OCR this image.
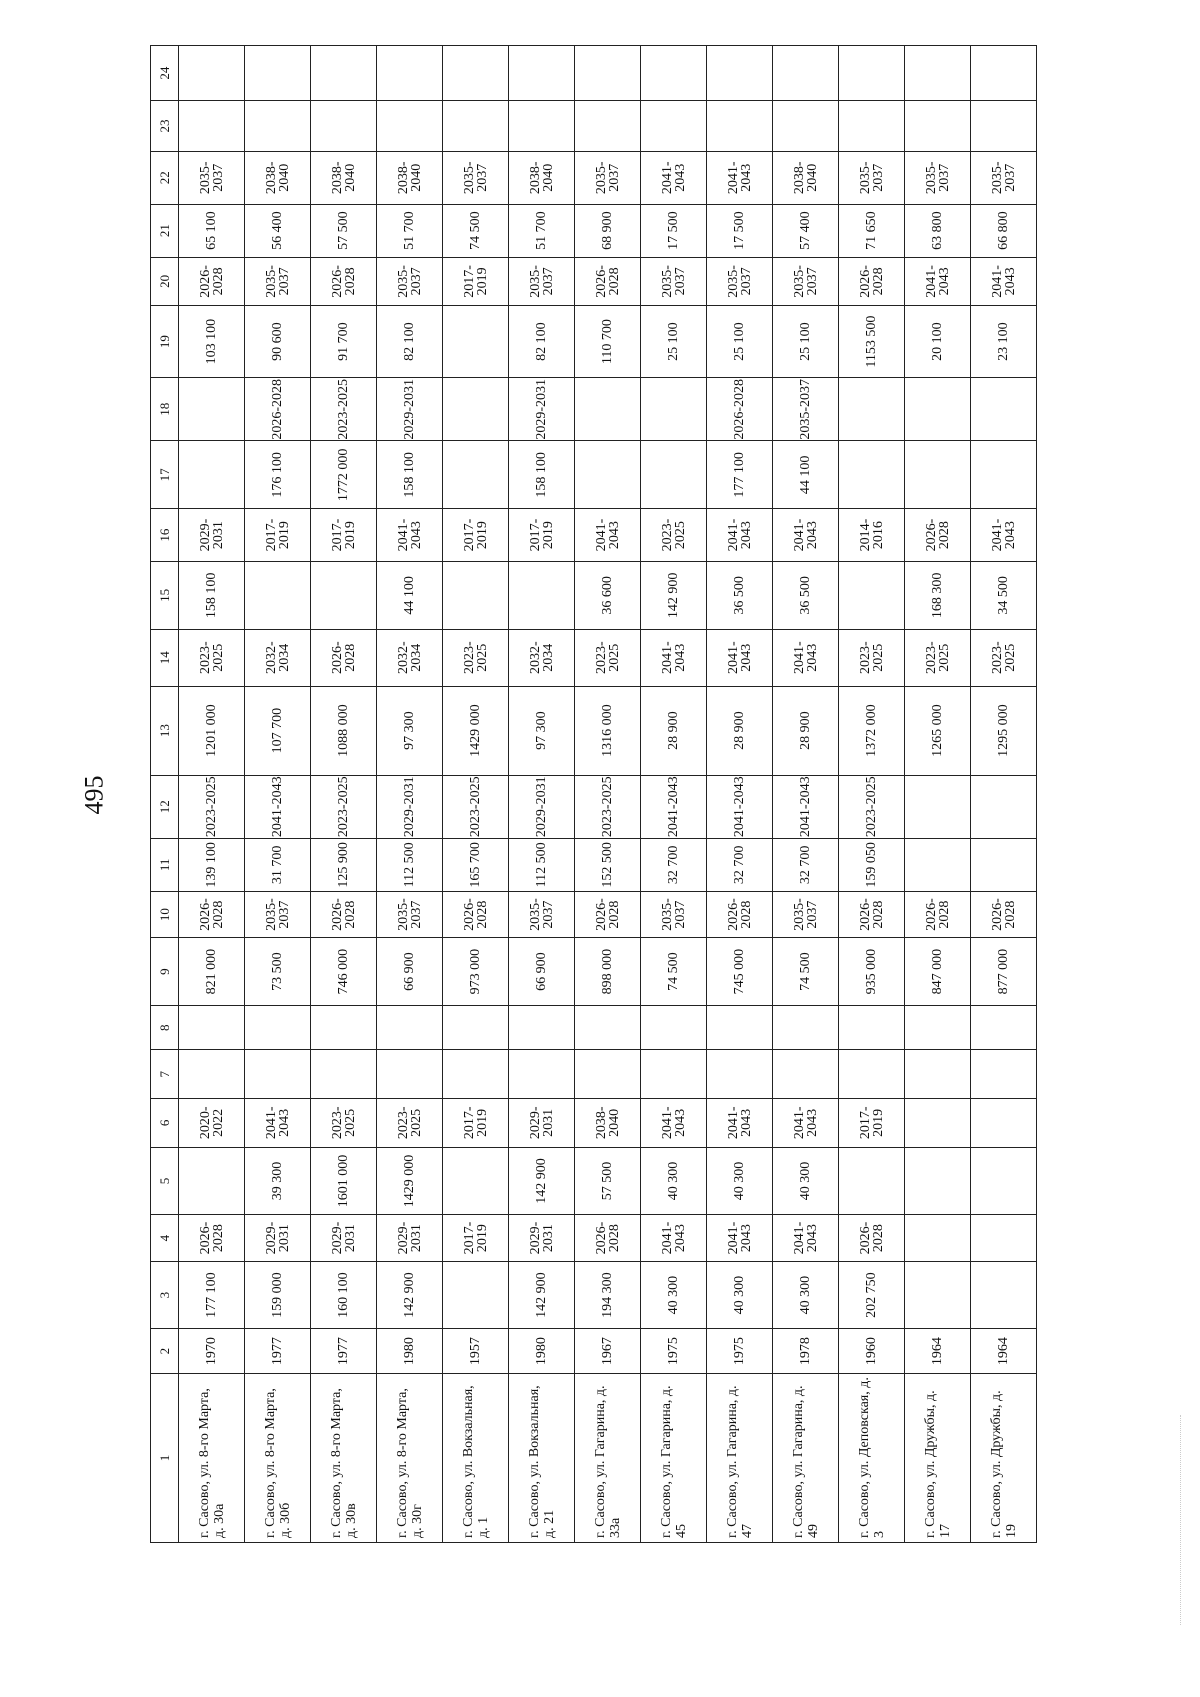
495
1	2	3	4	5	6	7	8	9	10	11	12	13	14	15	16	17	18	19	20	21	22	23	24
г. Сасово, ул. 8-го Марта, д. 30а	1970	177 100	2026-2028		2020-2022			821 000	2026-2028	139 100	2023-2025	1201 000	2023-2025	158 100	2029-2031			103 100	2026-2028	65 100	2035-2037		
г. Сасово, ул. 8-го Марта, д. 30б	1977	159 000	2029-2031	39 300	2041-2043			73 500	2035-2037	31 700	2041-2043	107 700	2032-2034		2017-2019	176 100	2026-2028	90 600	2035-2037	56 400	2038-2040		
г. Сасово, ул. 8-го Марта, д. 30в	1977	160 100	2029-2031	1601 000	2023-2025			746 000	2026-2028	125 900	2023-2025	1088 000	2026-2028		2017-2019	1772 000	2023-2025	91 700	2026-2028	57 500	2038-2040		
г. Сасово, ул. 8-го Марта, д. 30г	1980	142 900	2029-2031	1429 000	2023-2025			66 900	2035-2037	112 500	2029-2031	97 300	2032-2034	44 100	2041-2043	158 100	2029-2031	82 100	2035-2037	51 700	2038-2040		
г. Сасово, ул. Вокзальная, д. 1	1957		2017-2019		2017-2019			973 000	2026-2028	165 700	2023-2025	1429 000	2023-2025		2017-2019				2017-2019	74 500	2035-2037		
г. Сасово, ул. Вокзальная, д. 21	1980	142 900	2029-2031	142 900	2029-2031			66 900	2035-2037	112 500	2029-2031	97 300	2032-2034		2017-2019	158 100	2029-2031	82 100	2035-2037	51 700	2038-2040		
г. Сасово, ул. Гагарина, д. 33а	1967	194 300	2026-2028	57 500	2038-2040			898 000	2026-2028	152 500	2023-2025	1316 000	2023-2025	36 600	2041-2043			110 700	2026-2028	68 900	2035-2037		
г. Сасово, ул. Гагарина, д. 45	1975	40 300	2041-2043	40 300	2041-2043			74 500	2035-2037	32 700	2041-2043	28 900	2041-2043	142 900	2023-2025			25 100	2035-2037	17 500	2041-2043		
г. Сасово, ул. Гагарина, д. 47	1975	40 300	2041-2043	40 300	2041-2043			745 000	2026-2028	32 700	2041-2043	28 900	2041-2043	36 500	2041-2043	177 100	2026-2028	25 100	2035-2037	17 500	2041-2043		
г. Сасово, ул. Гагарина, д. 49	1978	40 300	2041-2043	40 300	2041-2043			74 500	2035-2037	32 700	2041-2043	28 900	2041-2043	36 500	2041-2043	44 100	2035-2037	25 100	2035-2037	57 400	2038-2040		
г. Сасово, ул. Деповская, д. 3	1960	202 750	2026-2028		2017-2019			935 000	2026-2028	159 050	2023-2025	1372 000	2023-2025		2014-2016			1153 500	2026-2028	71 650	2035-2037		
г. Сасово, ул. Дружбы, д. 17	1964							847 000	2026-2028			1265 000	2023-2025	168 300	2026-2028			20 100	2041-2043	63 800	2035-2037		
г. Сасово, ул. Дружбы, д. 19	1964							877 000	2026-2028			1295 000	2023-2025	34 500	2041-2043			23 100	2041-2043	66 800	2035-2037		
